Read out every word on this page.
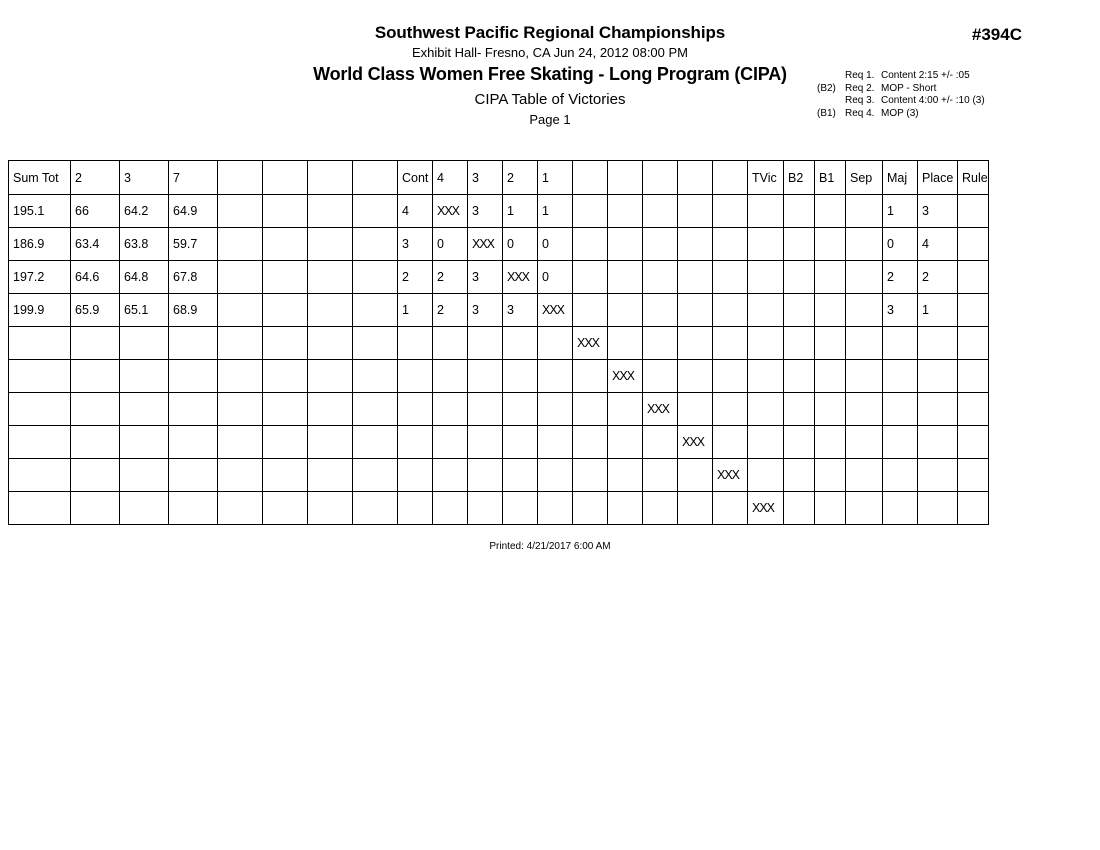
Southwest Pacific Regional Championships
Exhibit Hall- Fresno, CA Jun 24, 2012 08:00 PM
World Class Women Free Skating - Long Program (CIPA)
CIPA Table of Victories
Page 1
#394C
Req 1. Content 2:15 +/- :05
(B2) Req 2. MOP - Short
Req 3. Content 4:00 +/- :10 (3)
(B1) Req 4. MOP (3)
Sum Tot	2	3	7					Cont	4	3	2	1						TVic	B2	B1	Sep	Maj	Place	Rule
195.1	66	64.2	64.9					4	XXX	3	1	1										1	3	
186.9	63.4	63.8	59.7					3	0	XXX	0	0										0	4	
197.2	64.6	64.8	67.8					2	2	3	XXX	0										2	2	
199.9	65.9	65.1	68.9					1	2	3	3	XXX										3	1	
													XXX											
														XXX										
															XXX									
																XXX								
																	XXX							
																		XXX						
Printed: 4/21/2017 6:00 AM
